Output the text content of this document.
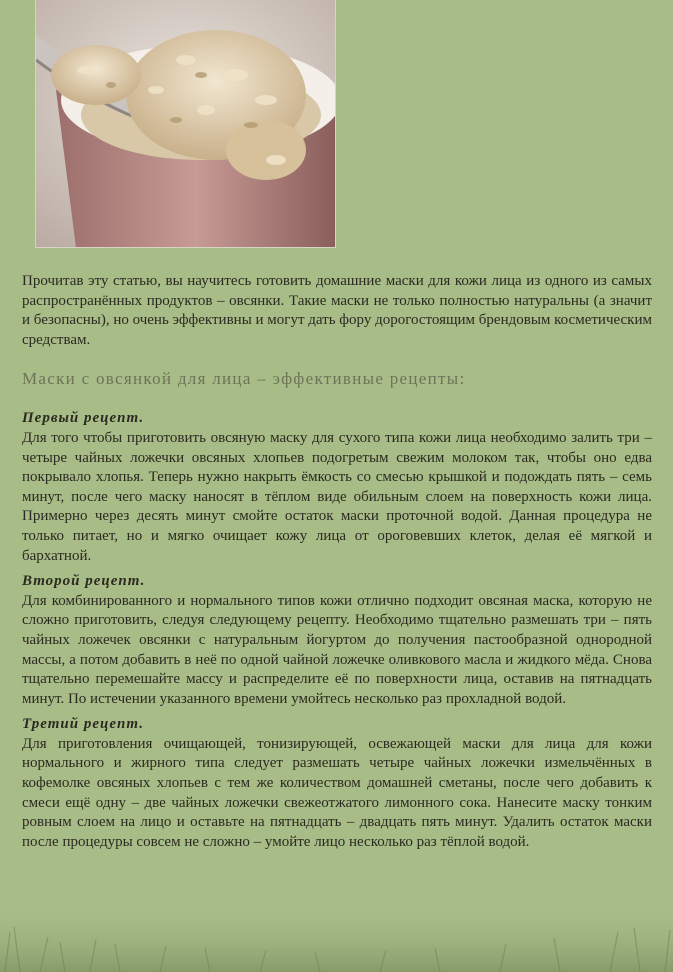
Прочитав эту статью, вы научитесь готовить домашние маски для кожи лица из одного из самых распространённых продуктов – овсянки. Такие маски не только полностью натуральны (а значит и безопасны), но очень эффективны и могут дать фору дорогостоящим брендовым косметическим средствам.

Маски с овсянкой для лица – эффективные рецепты:

Первый рецепт.

Для того чтобы приготовить овсяную маску для сухого типа кожи лица необходимо залить три – четыре чайных ложечки овсяных хлопьев подогретым свежим молоком так, чтобы оно едва покрывало хлопья. Теперь нужно накрыть ёмкость со смесью крышкой и подождать пять – семь минут, после чего маску наносят в тёплом виде обильным слоем на поверхность кожи лица. Примерно через десять минут смойте остаток маски проточной водой. Данная процедура не только питает, но и мягко очищает кожу лица от ороговевших клеток, делая её мягкой и бархатной.

Второй рецепт.

Для комбинированного и нормального типов кожи отлично подходит овсяная маска, которую не сложно приготовить, следуя следующему рецепту. Необходимо тщательно размешать три – пять чайных ложечек овсянки с натуральным йогуртом до получения пастообразной однородной массы, а потом добавить в неё по одной чайной ложечке оливкового масла и жидкого мёда. Снова тщательно перемешайте массу и распределите её по поверхности лица, оставив на пятнадцать минут. По истечении указанного времени умойтесь несколько раз прохладной водой.

Третий рецепт.

Для приготовления очищающей, тонизирующей, освежающей маски для лица для кожи нормального и жирного типа следует размешать четыре чайных ложечки измельчённых в кофемолке овсяных хлопьев с тем же количеством домашней сметаны, после чего добавить к смеси ещё одну – две чайных ложечки свежеотжатого лимонного сока. Нанесите маску тонким ровным слоем на лицо и оставьте на пятнадцать – двадцать пять минут. Удалить остаток маски после процедуры совсем не сложно – умойте лицо несколько раз тёплой водой.
